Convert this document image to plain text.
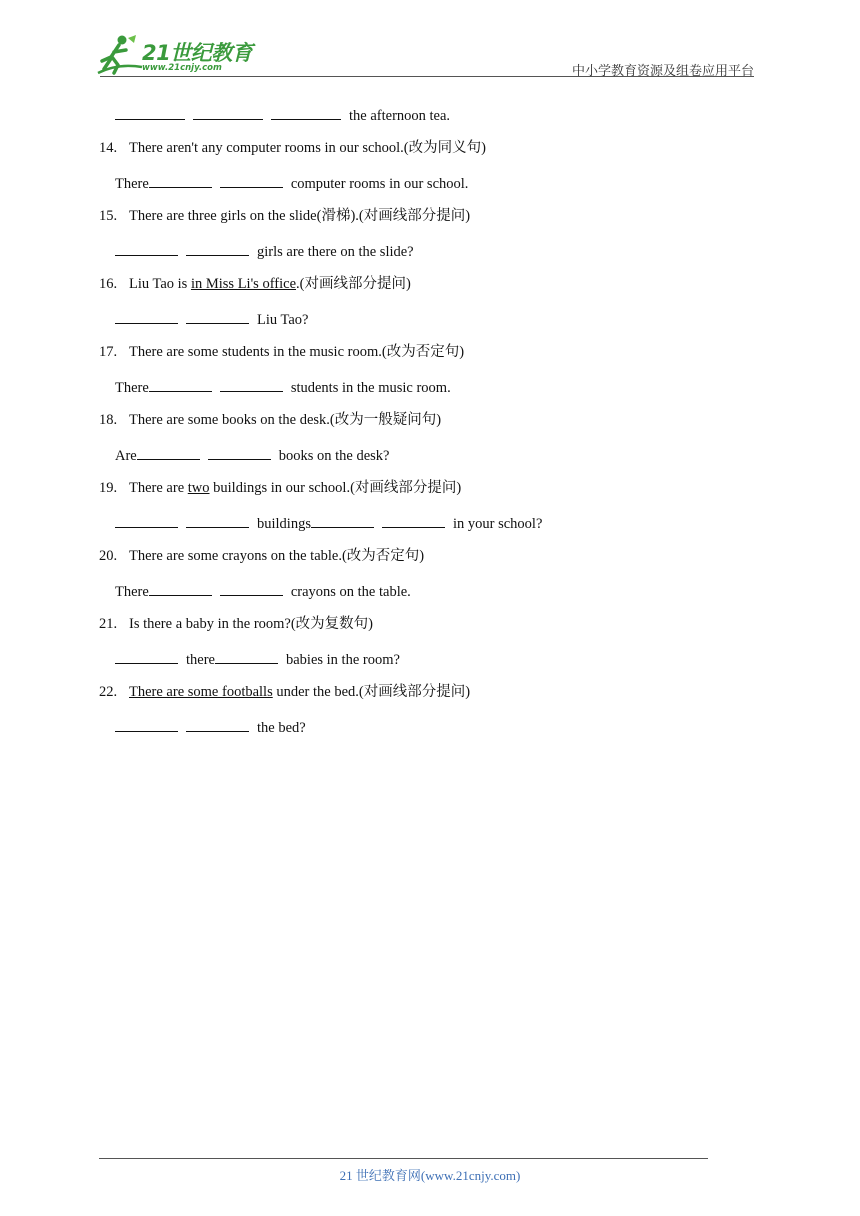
21世纪教育
www.21cnjy.com	中小学教育资源及组卷应用平台
the afternoon tea.
14. There aren't any computer rooms in our school.(改为同义句)
There	computer rooms in our school.
15. There are three girls on the slide(滑梯).(对画线部分提问)
girls are there on the slide?
16. Liu Tao is in Miss Li's office.(对画线部分提问)
Liu Tao?
17. There are some students in the music room.(改为否定句)
There	students in the music room.
18. There are some books on the desk.(改为一般疑问句)
Are	books on the desk?
19. There are two buildings in our school.(对画线部分提问)
buildings	in your school?
20. There are some crayons on the table.(改为否定句)
There	crayons on the table.
21. Is there a baby in the room?(改为复数句)
there	babies in the room?
22. There are some footballs under the bed.(对画线部分提问)
the bed?
21 世纪教育网(www.21cnjy.com)
